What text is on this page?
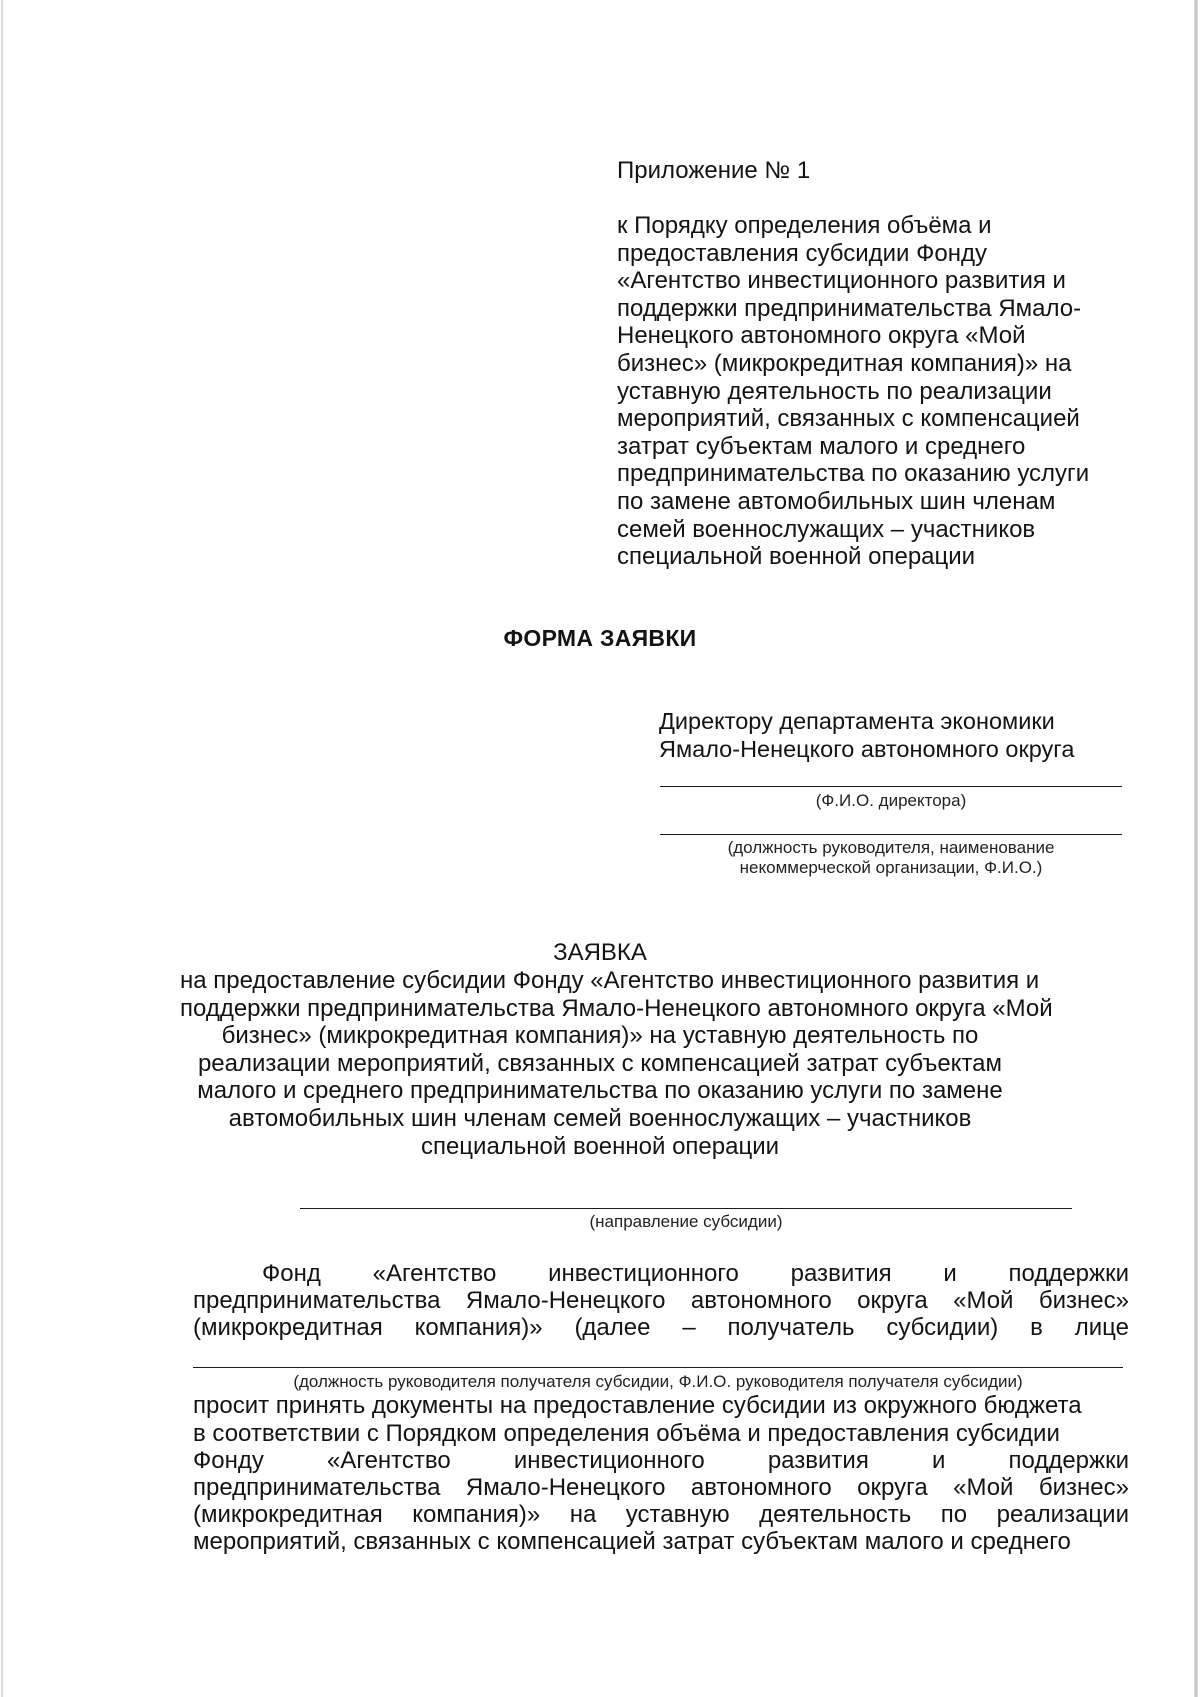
Приложение № 1
к Порядку определения объёма и
предоставления субсидии Фонду
«Агентство инвестиционного развития и
поддержки предпринимательства Ямало-
Ненецкого автономного округа «Мой
бизнес» (микрокредитная компания)» на
уставную деятельность по реализации
мероприятий, связанных с компенсацией
затрат субъектам малого и среднего
предпринимательства по оказанию услуги
по замене автомобильных шин членам
семей военнослужащих – участников
специальной военной операции
ФОРМА ЗАЯВКИ
Директору департамента экономики
Ямало-Ненецкого автономного округа
(Ф.И.О. директора)
(должность руководителя, наименование
некоммерческой организации, Ф.И.О.)
ЗАЯВКА
на предоставление субсидии Фонду «Агентство инвестиционного развития и
поддержки предпринимательства Ямало-Ненецкого автономного округа «Мой
бизнес» (микрокредитная компания)» на уставную деятельность по
реализации мероприятий, связанных с компенсацией затрат субъектам
малого и среднего предпринимательства по оказанию услуги по замене
автомобильных шин членам семей военнослужащих – участников
специальной военной операции
(направление субсидии)
Фонд «Агентство инвестиционного развития и поддержки
предпринимательства Ямало-Ненецкого автономного округа «Мой бизнес»
(микрокредитная компания)» (далее – получатель субсидии) в лице
(должность руководителя получателя субсидии, Ф.И.О. руководителя получателя субсидии)
просит принять документы на предоставление субсидии из окружного бюджета
в соответствии с Порядком определения объёма и предоставления субсидии
Фонду «Агентство инвестиционного развития и поддержки
предпринимательства Ямало-Ненецкого автономного округа «Мой бизнес»
(микрокредитная компания)» на уставную деятельность по реализации
мероприятий, связанных с компенсацией затрат субъектам малого и среднего
